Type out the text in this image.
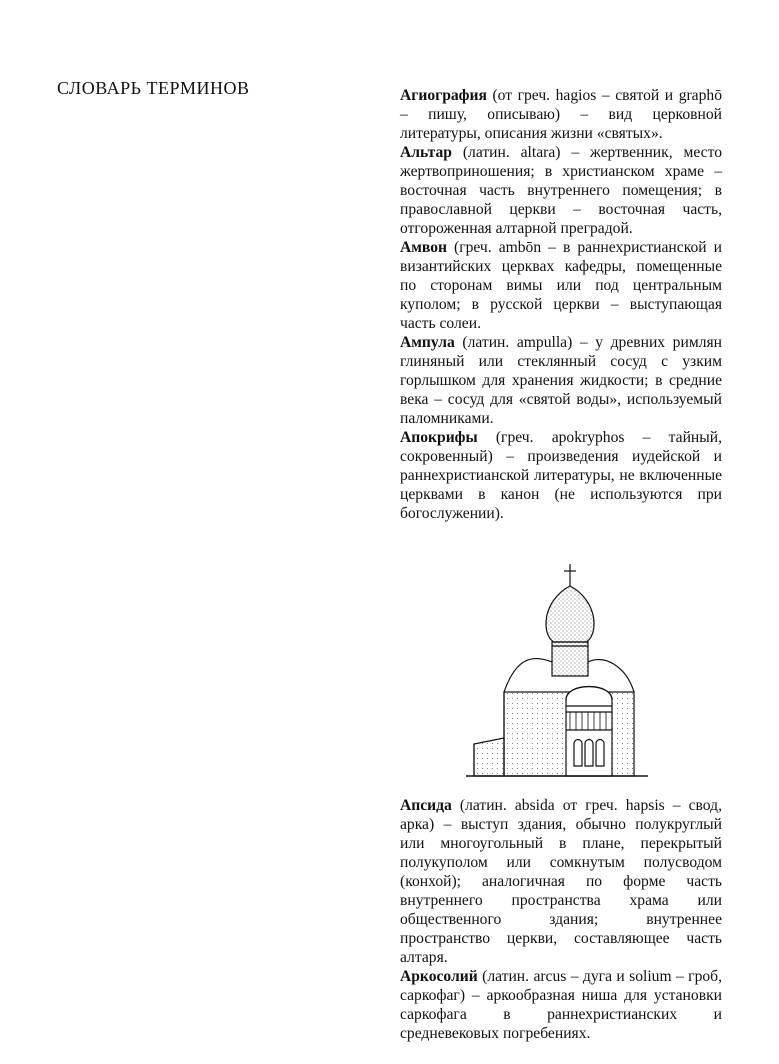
СЛОВАРЬ ТЕРМИНОВ	Агиография (от греч. hagios – святой и graphō – пишу, описываю) – вид церковной литературы, описания жизни «святых».

Альтар (латин. altara) – жертвенник, место жертвоприношения; в христианском храме – восточная часть внутреннего помещения; в православной церкви – восточная часть, отгороженная алтарной преградой.

Амвон (греч. ambōn – в раннехристианской и византийских церквах кафедры, помещенные по сторонам вимы или под центральным куполом; в русской церкви – выступающая часть солеи.

Ампула (латин. ampulla) – у древних римлян глиняный или стеклянный сосуд с узким горлышком для хранения жидкости; в средние века – сосуд для «святой воды», используемый паломниками.

Апокрифы (греч. apokryphos – тайный, сокровенный) – произведения иудейской и раннехристианской литературы, не включенные церквами в канон (не используются при богослужении).

Апсида (латин. absida от греч. hapsis – свод, арка) – выступ здания, обычно полукруглый или многоугольный в плане, перекрытый полукуполом или сомкнутым полусводом (конхой); аналогичная по форме часть внутреннего пространства храма или общественного здания; внутреннее пространство церкви, составляющее часть алтаря.

Аркосолий (латин. arcus – дуга и solium – гроб, саркофаг) – аркообразная ниша для установки саркофага в раннехристианских и средневековых погребениях.
